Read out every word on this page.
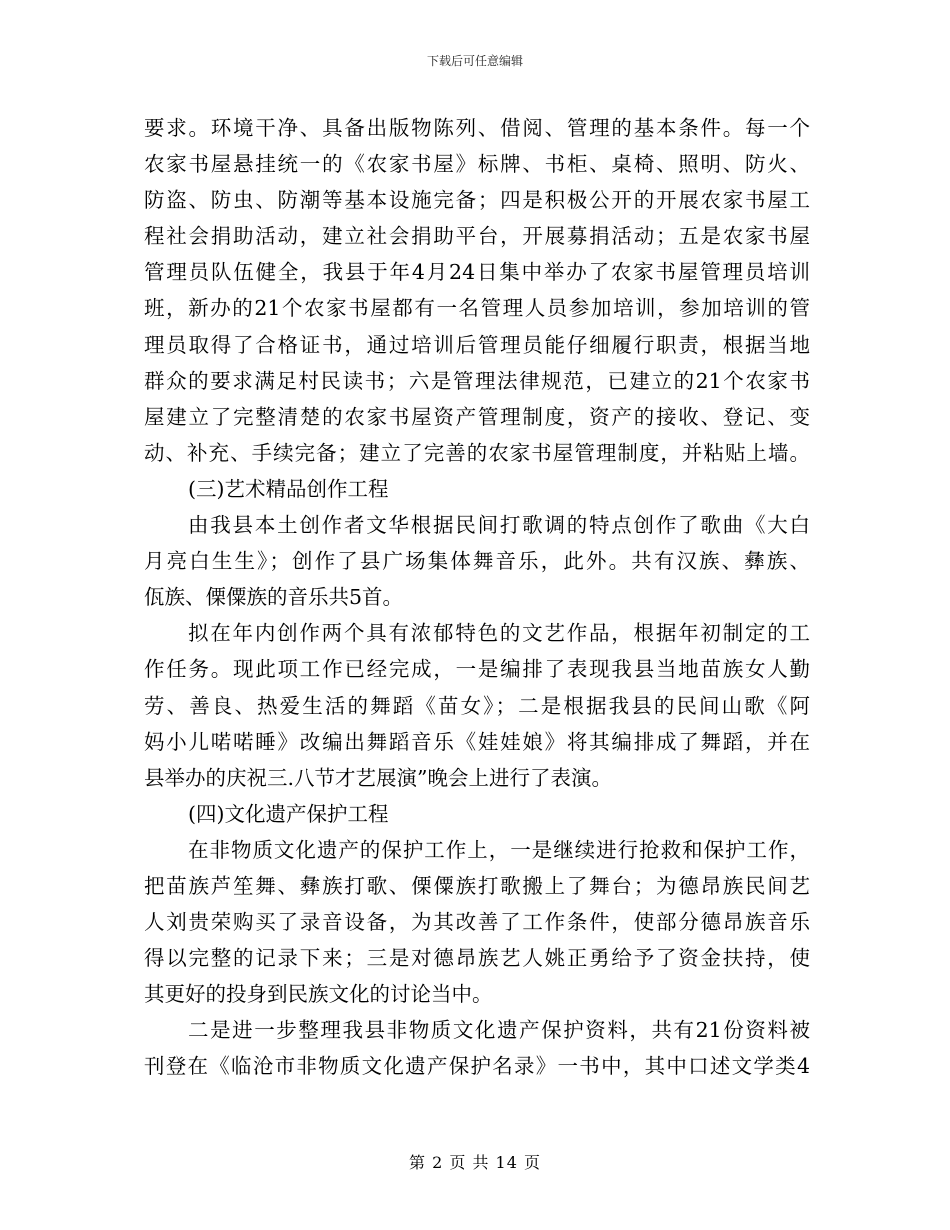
下载后可任意编辑
要求。环境干净、具备出版物陈列、借阅、管理的基本条件。每一个
农家书屋悬挂统一的《农家书屋》标牌、书柜、桌椅、照明、防火、
防盗、防虫、防潮等基本设施完备；四是积极公开的开展农家书屋工
程社会捐助活动，建立社会捐助平台，开展募捐活动；五是农家书屋
管理员队伍健全，我县于年4月24日集中举办了农家书屋管理员培训
班，新办的21个农家书屋都有一名管理人员参加培训，参加培训的管
理员取得了合格证书，通过培训后管理员能仔细履行职责，根据当地
群众的要求满足村民读书；六是管理法律规范，已建立的21个农家书
屋建立了完整清楚的农家书屋资产管理制度，资产的接收、登记、变
动、补充、手续完备；建立了完善的农家书屋管理制度，并粘贴上墙。
(三)艺术精品创作工程
由我县本土创作者文华根据民间打歌调的特点创作了歌曲《大白
月亮白生生》；创作了县广场集体舞音乐，此外。共有汉族、彝族、
佤族、傈僳族的音乐共5首。
拟在年内创作两个具有浓郁特色的文艺作品，根据年初制定的工
作任务。现此项工作已经完成，一是编排了表现我县当地苗族女人勤
劳、善良、热爱生活的舞蹈《苗女》；二是根据我县的民间山歌《阿
妈小儿喏喏睡》改编出舞蹈音乐《娃娃娘》将其编排成了舞蹈，并在
县举办的庆祝三.八节才艺展演”晚会上进行了表演。
(四)文化遗产保护工程
在非物质文化遗产的保护工作上，一是继续进行抢救和保护工作，
把苗族芦笙舞、彝族打歌、傈僳族打歌搬上了舞台；为德昂族民间艺
人刘贵荣购买了录音设备，为其改善了工作条件，使部分德昂族音乐
得以完整的记录下来；三是对德昂族艺人姚正勇给予了资金扶持，使
其更好的投身到民族文化的讨论当中。
二是进一步整理我县非物质文化遗产保护资料，共有21份资料被
刊登在《临沧市非物质文化遗产保护名录》一书中，其中口述文学类4
第 2 页 共 14 页
